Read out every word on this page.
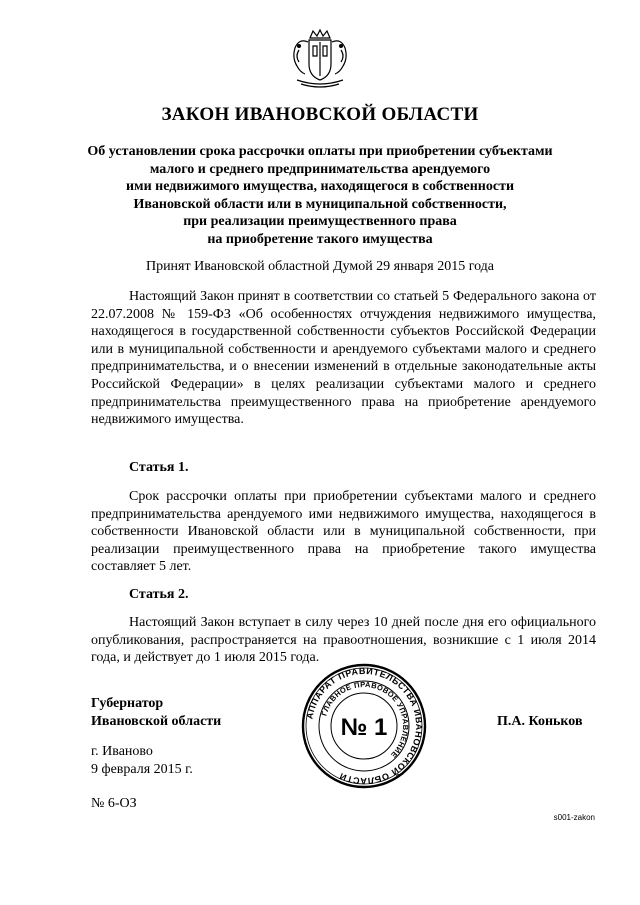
ЗАКОН ИВАНОВСКОЙ ОБЛАСТИ
Об установлении срока рассрочки оплаты при приобретении субъектами
малого и среднего предпринимательства арендуемого
ими недвижимого имущества, находящегося в собственности
Ивановской области или в муниципальной собственности,
при реализации преимущественного права
на приобретение такого имущества
Принят Ивановской областной Думой 29 января 2015 года
Настоящий Закон принят в соответствии со статьей 5 Федерального закона от 22.07.2008 № 159-ФЗ «Об особенностях отчуждения недвижимого имущества, находящегося в государственной собственности субъектов Российской Федерации или в муниципальной собственности и арендуемого субъектами малого и среднего предпринимательства, и о внесении изменений в отдельные законодательные акты Российской Федерации» в целях реализации субъектами малого и среднего предпринимательства преимущественного права на приобретение арендуемого недвижимого имущества.
Статья 1.
Срок рассрочки оплаты при приобретении субъектами малого и среднего предпринимательства арендуемого ими недвижимого имущества, находящегося в собственности Ивановской области или в муниципальной собственности, при реализации преимущественного права на приобретение такого имущества составляет 5 лет.
Статья 2.
Настоящий Закон вступает в силу через 10 дней после дня его официального опубликования, распространяется на правоотношения, возникшие с 1 июля 2014 года, и действует до 1 июля 2015 года.
Губернатор
Ивановской области	П.А. Коньков
г. Иваново
9 февраля 2015 г.
№ 6-ОЗ
АППАРАТ ПРАВИТЕЛЬСТВА ИВАНОВСКОЙ ОБЛАСТИ
ГЛАВНОЕ ПРАВОВОЕ УПРАВЛЕНИЕ
№ 1
s001-zakon
